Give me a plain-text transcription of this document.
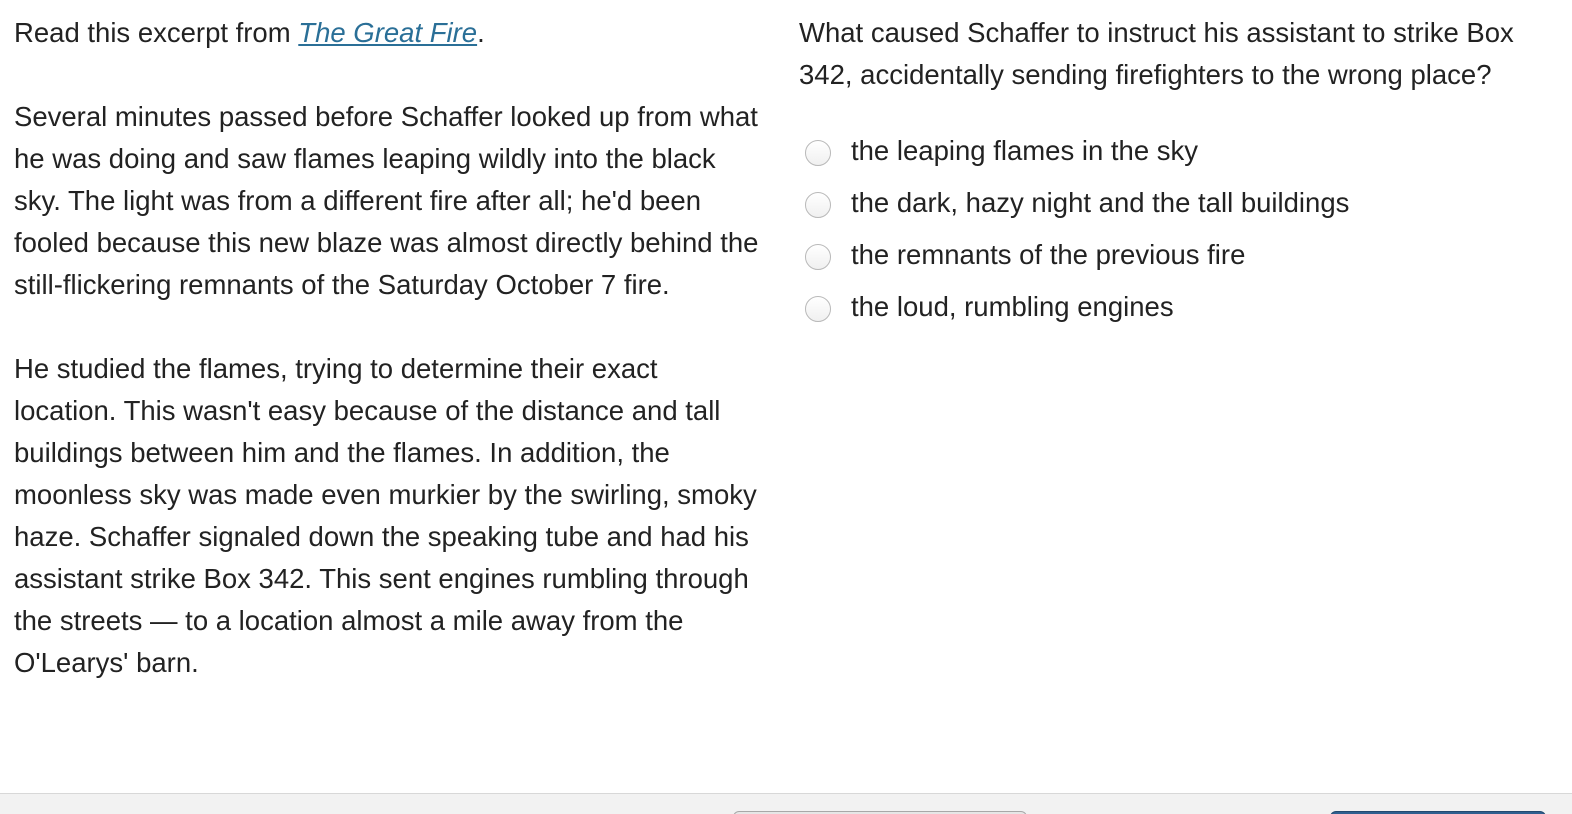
Read this excerpt from The Great Fire.

Several minutes passed before Schaffer looked up from what he was doing and saw flames leaping wildly into the black sky. The light was from a different fire after all; he'd been fooled because this new blaze was almost directly behind the still-flickering remnants of the Saturday October 7 fire.

He studied the flames, trying to determine their exact location. This wasn't easy because of the distance and tall buildings between him and the flames. In addition, the moonless sky was made even murkier by the swirling, smoky haze. Schaffer signaled down the speaking tube and had his assistant strike Box 342. This sent engines rumbling through the streets — to a location almost a mile away from the O'Learys' barn.

What caused Schaffer to instruct his assistant to strike Box 342, accidentally sending firefighters to the wrong place?

the leaping flames in the sky
the dark, hazy night and the tall buildings
the remnants of the previous fire
the loud, rumbling engines
